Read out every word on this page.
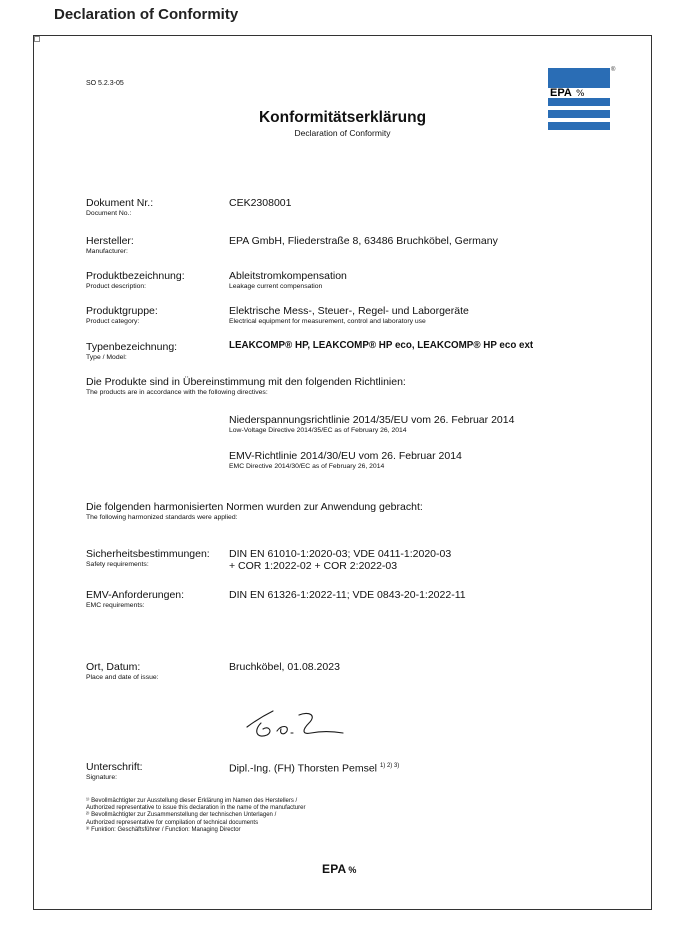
Declaration of Conformity
SO 5.2.3-05
EPA %
®
Konformitätserklärung
Declaration of Conformity
Dokument Nr.:
Document No.:
CEK2308001
Hersteller:
Manufacturer:
EPA GmbH, Fliederstraße 8, 63486 Bruchköbel, Germany
Produktbezeichnung:
Product description:
Ableitstromkompensation
Leakage current compensation
Produktgruppe:
Product category:
Elektrische Mess-, Steuer-, Regel- und Laborgeräte
Electrical equipment for measurement, control and laboratory use
Typenbezeichnung:
Type / Model:
LEAKCOMP® HP, LEAKCOMP® HP eco, LEAKCOMP® HP eco ext
Die Produkte sind in Übereinstimmung mit den folgenden Richtlinien:
The products are in accordance with the following directives:
Niederspannungsrichtlinie 2014/35/EU vom 26. Februar 2014
Low-Voltage Directive 2014/35/EC as of February 26, 2014
EMV-Richtlinie 2014/30/EU vom 26. Februar 2014
EMC Directive 2014/30/EC as of February 26, 2014
Die folgenden harmonisierten Normen wurden zur Anwendung gebracht:
The following harmonized standards were applied:
Sicherheitsbestimmungen:
Safety requirements:
DIN EN 61010-1:2020-03; VDE 0411-1:2020-03
+ COR 1:2022-02 + COR 2:2022-03
EMV-Anforderungen:
EMC requirements:
DIN EN 61326-1:2022-11; VDE 0843-20-1:2022-11
Ort, Datum:
Place and date of issue:
Bruchköbel, 01.08.2023
Unterschrift:
Signature:
Dipl.-Ing. (FH) Thorsten Pemsel $^{1) 2) 3)}$
¹⁾ Bevollmächtigter zur Ausstellung dieser Erklärung im Namen des Herstellers /
Authorized representative to issue this declaration in the name of the manufacturer
²⁾ Bevollmächtigter zur Zusammenstellung der technischen Unterlagen /
Authorized representative for compilation of technical documents
³⁾ Funktion: Geschäftsführer / Function: Managing Director
EPA %
